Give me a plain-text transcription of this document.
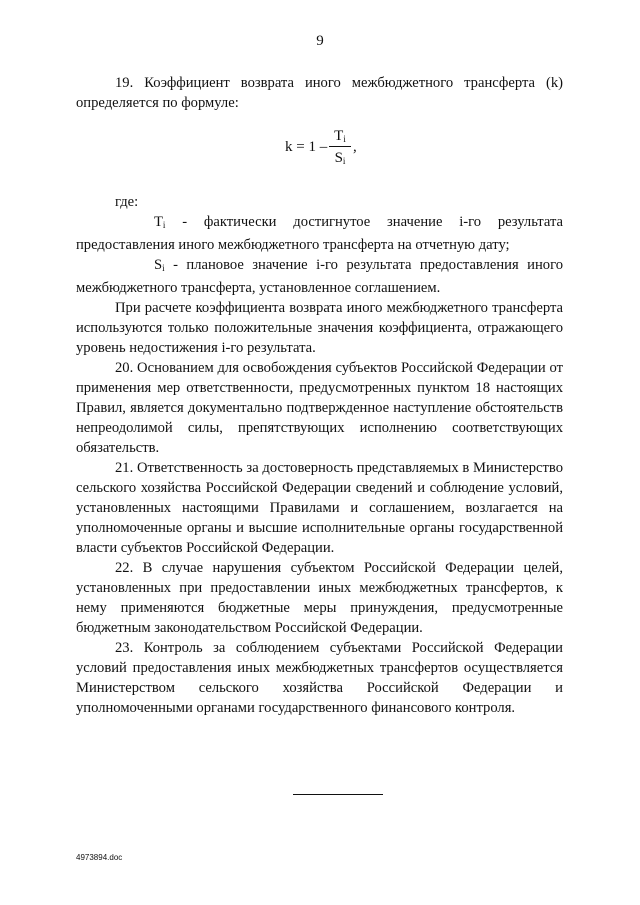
9

19. Коэффициент возврата иного межбюджетного трансферта (k) определяется по формуле:

k = 1 –
$T_i$
$S_i$
,

где:

$T_i$ - фактически достигнутое значение i-го результата предоставления иного межбюджетного трансферта на отчетную дату;

$S_i$ - плановое значение i-го результата предоставления иного межбюджетного трансферта, установленное соглашением.

При расчете коэффициента возврата иного межбюджетного трансферта используются только положительные значения коэффициента, отражающего уровень недостижения i-го результата.

20. Основанием для освобождения субъектов Российской Федерации от применения мер ответственности, предусмотренных пунктом 18 настоящих Правил, является документально подтвержденное наступление обстоятельств непреодолимой силы, препятствующих исполнению соответствующих обязательств.

21. Ответственность за достоверность представляемых в Министерство сельского хозяйства Российской Федерации сведений и соблюдение условий, установленных настоящими Правилами и соглашением, возлагается на уполномоченные органы и высшие исполнительные органы государственной власти субъектов Российской Федерации.

22. В случае нарушения субъектом Российской Федерации целей, установленных при предоставлении иных межбюджетных трансфертов, к нему применяются бюджетные меры принуждения, предусмотренные бюджетным законодательством Российской Федерации.

23. Контроль за соблюдением субъектами Российской Федерации условий предоставления иных межбюджетных трансфертов осуществляется Министерством сельского хозяйства Российской Федерации и уполномоченными органами государственного финансового контроля.

4973894.doc
